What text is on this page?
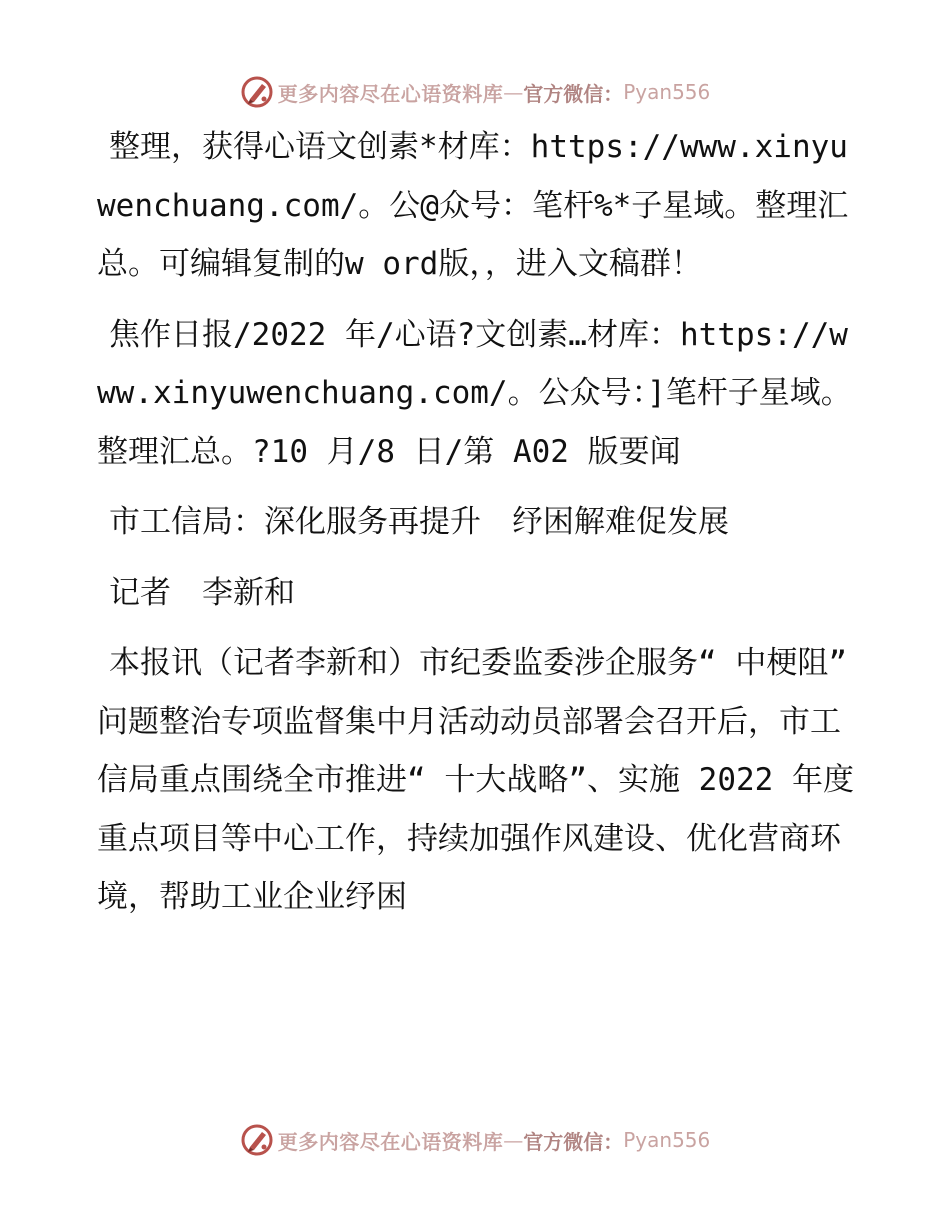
更多内容尽在心语资料库 — 官方微信： Pyan556

整理，获得心语文创素*材库：https://www.xinyuwenchuang.com/。公@众号：笔杆%*子星域。整理汇总。可编辑复制的w ord版，，进入文稿群！

焦作日报/2022 年/心语?文创素…材库：https://www.xinyuwenchuang.com/。公众号：]笔杆子星域。整理汇总。?10 月/8 日/第 A02 版要闻

市工信局：深化服务再提升　纾困解难促发展

记者　李新和

本报讯（记者李新和）市纪委监委涉企服务“ 中梗阻” 问题整治专项监督集中月活动动员部署会召开后，市工信局重点围绕全市推进“ 十大战略”、实施 2022 年度重点项目等中心工作，持续加强作风建设、优化营商环境，帮助工业企业纾困

更多内容尽在心语资料库 — 官方微信： Pyan556
